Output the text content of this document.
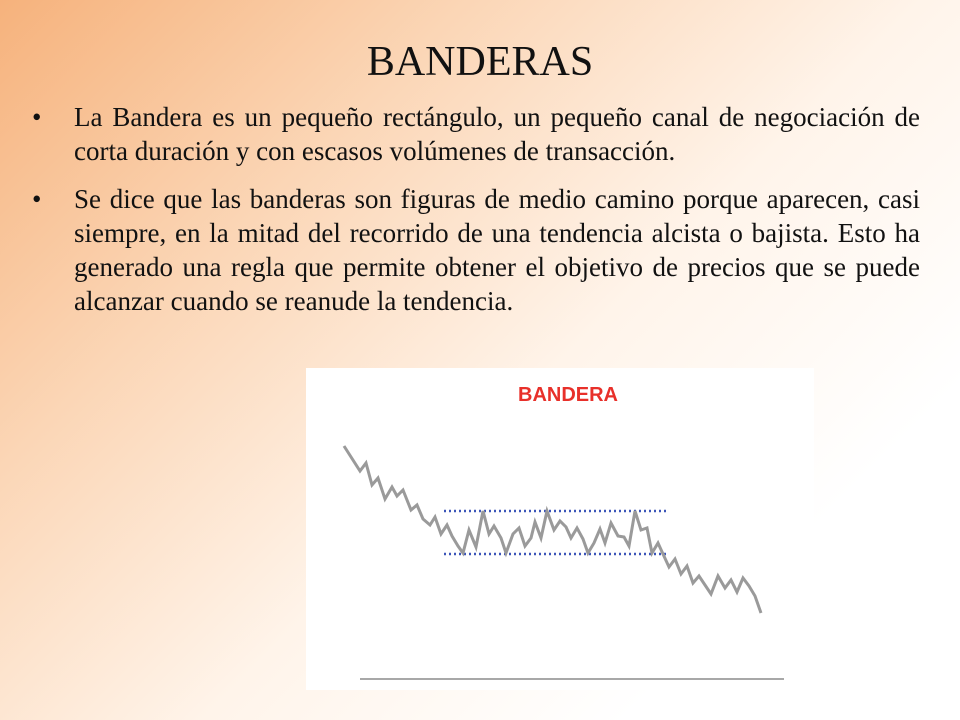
BANDERAS
• La Bandera es un pequeño rectángulo, un pequeño canal de negociación de corta duración y con escasos volúmenes de transacción.
• Se dice que las banderas son figuras de medio camino porque aparecen, casi siempre, en la mitad del recorrido de una tendencia alcista o bajista. Esto ha generado una regla que permite obtener el objetivo de precios que se puede alcanzar cuando se reanude la tendencia.
BANDERA
